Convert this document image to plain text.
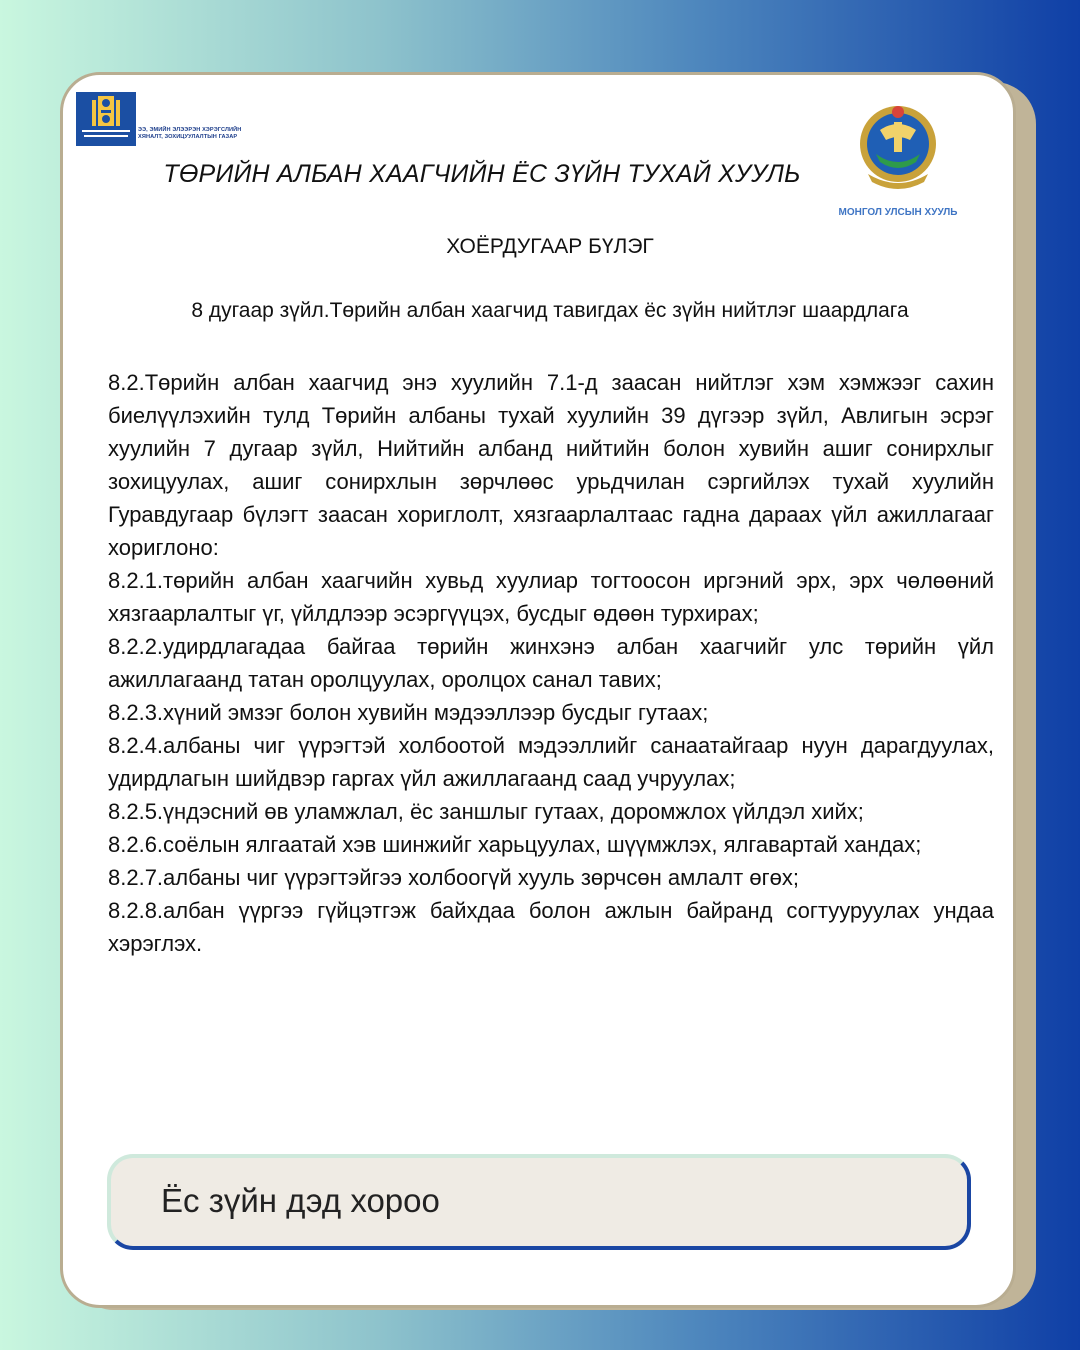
ЭЭ, ЭМИЙН ЭЛЭЭРЭН ХЭРЭГСЛИЙН
ХЯНАЛТ, ЗОХИЦУУЛАЛТЫН ГАЗАР
МОНГОЛ УЛСЫН ХУУЛЬ
ТӨРИЙН АЛБАН ХААГЧИЙН ЁС ЗҮЙН ТУХАЙ ХУУЛЬ
ХОЁРДУГААР БҮЛЭГ
8 дугаар зүйл.Төрийн албан хаагчид тавигдах ёс зүйн нийтлэг шаардлага

8.2.Төрийн албан хаагчид энэ хуулийн 7.1-д заасан нийтлэг хэм хэмжээг сахин биелүүлэхийн тулд Төрийн албаны тухай хуулийн 39 дүгээр зүйл, Авлигын эсрэг хуулийн 7 дугаар зүйл, Нийтийн албанд нийтийн болон хувийн ашиг сонирхлыг зохицуулах, ашиг сонирхлын зөрчлөөс урьдчилан сэргийлэх тухай хуулийн Гуравдугаар бүлэгт заасан хориглолт, хязгаарлалтаас гадна дараах үйл ажиллагааг хориглоно:

8.2.1.төрийн албан хаагчийн хувьд хуулиар тогтоосон иргэний эрх, эрх чөлөөний хязгаарлалтыг үг, үйлдлээр эсэргүүцэх, бусдыг өдөөн турхирах;

8.2.2.удирдлагадаа байгаа төрийн жинхэнэ албан хаагчийг улс төрийн үйл ажиллагаанд татан оролцуулах, оролцох санал тавих;

8.2.3.хүний эмзэг болон хувийн мэдээллээр бусдыг гутаах;

8.2.4.албаны чиг үүрэгтэй холбоотой мэдээллийг санаатайгаар нуун дарагдуулах, удирдлагын шийдвэр гаргах үйл ажиллагаанд саад учруулах;

8.2.5.үндэсний өв уламжлал, ёс заншлыг гутаах, доромжлох үйлдэл хийх;

8.2.6.соёлын ялгаатай хэв шинжийг харьцуулах, шүүмжлэх, ялгавартай хандах;

8.2.7.албаны чиг үүрэгтэйгээ холбоогүй хууль зөрчсөн амлалт өгөх;

8.2.8.албан үүргээ гүйцэтгэж байхдаа болон ажлын байранд согтууруулах ундаа хэрэглэх.

Ёс зүйн дэд хороо
